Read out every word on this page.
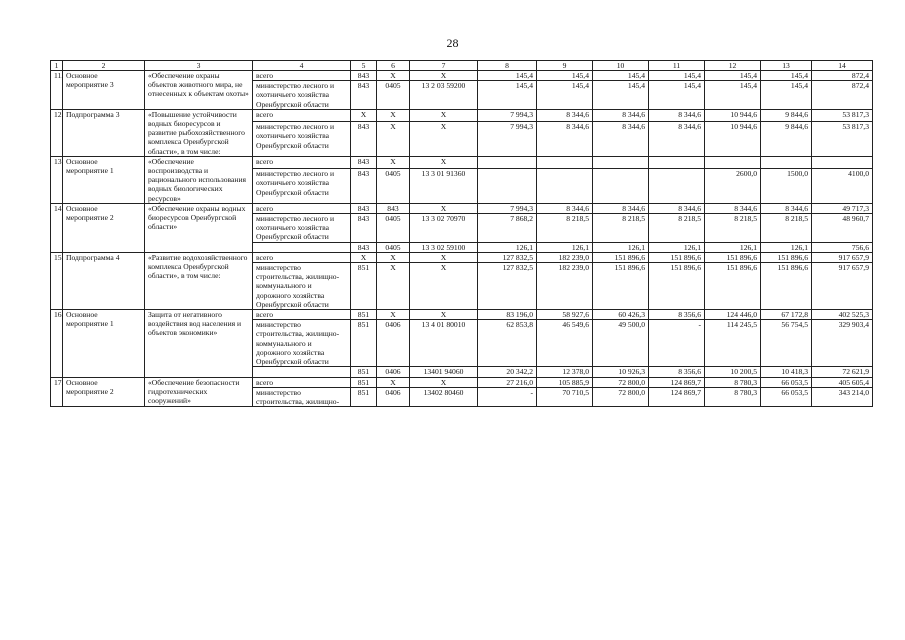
28
1	2	3	4	5	6	7	8	9	10	11	12	13	14
11.	Основное мероприятие 3	«Обеспечение охраны объектов животного мира, не отнесенных к объектам охоты»	всего	843	X	X	145,4	145,4	145,4	145,4	145,4	145,4	872,4
			министерство лесного и охотничьего хозяйства Оренбургской области	843	0405	13 2 03 59200	145,4	145,4	145,4	145,4	145,4	145,4	872,4
12.	Подпрограмма 3	«Повышение устойчивости водных биоресурсов и развитие рыбохозяйственного комплекса Оренбургской области», в том числе:	всего	X	X	X	7 994,3	8 344,6	8 344,6	8 344,6	10 944,6	9 844,6	53 817,3
			министерство лесного и охотничьего хозяйства Оренбургской области	843	X	X	7 994,3	8 344,6	8 344,6	8 344,6	10 944,6	9 844,6	53 817,3
13.	Основное мероприятие 1	«Обеспечение воспроизводства и рационального использования водных биологических ресурсов»	всего	843	X	X							
			министерство лесного и охотничьего хозяйства Оренбургской области	843	0405	13 3 01 91360					2600,0	1500,0	4100,0
14.	Основное мероприятие 2	«Обеспечение охраны водных биоресурсов Оренбургской области»	всего	843	843	X	7 994,3	8 344,6	8 344,6	8 344,6	8 344,6	8 344,6	49 717,3
			министерство лесного и охотничьего хозяйства Оренбургской области	843	0405	13 3 02 70970	7 868,2	8 218,5	8 218,5	8 218,5	8 218,5	8 218,5	48 960,7
				843	0405	13 3 02 59100	126,1	126,1	126,1	126,1	126,1	126,1	756,6
15.	Подпрограмма 4	«Развитие водохозяйственного комплекса Оренбургской области», в том числе:	всего	X	X	X	127 832,5	182 239,0	151 896,6	151 896,6	151 896,6	151 896,6	917 657,9
			министерство строительства, жилищно-коммунального и дорожного хозяйства Оренбургской области	851	X	X	127 832,5	182 239,0	151 896,6	151 896,6	151 896,6	151 896,6	917 657,9
16.	Основное мероприятие 1	Защита от негативного воздействия вод населения и объектов экономики»	всего	851	X	X	83 196,0	58 927,6	60 426,3	8 356,6	124 446,0	67 172,8	402 525,3
			министерство строительства, жилищно-коммунального и дорожного хозяйства Оренбургской области	851	0406	13 4 01 80010	62 853,8	46 549,6	49 500,0	-	114 245,5	56 754,5	329 903,4
				851	0406	13401 94060	20 342,2	12 378,0	10 926,3	8 356,6	10 200,5	10 418,3	72 621,9
17.	Основное мероприятие 2	«Обеспечение безопасности гидротехнических сооружений»	всего	851	X	X	27 216,0	105 885,9	72 800,0	124 869,7	8 780,3	66 053,5	405 605,4
			министерство строительства, жилищно-	851	0406	13402 80460	-	70 710,5	72 800,0	124 869,7	8 780,3	66 053,5	343 214,0
